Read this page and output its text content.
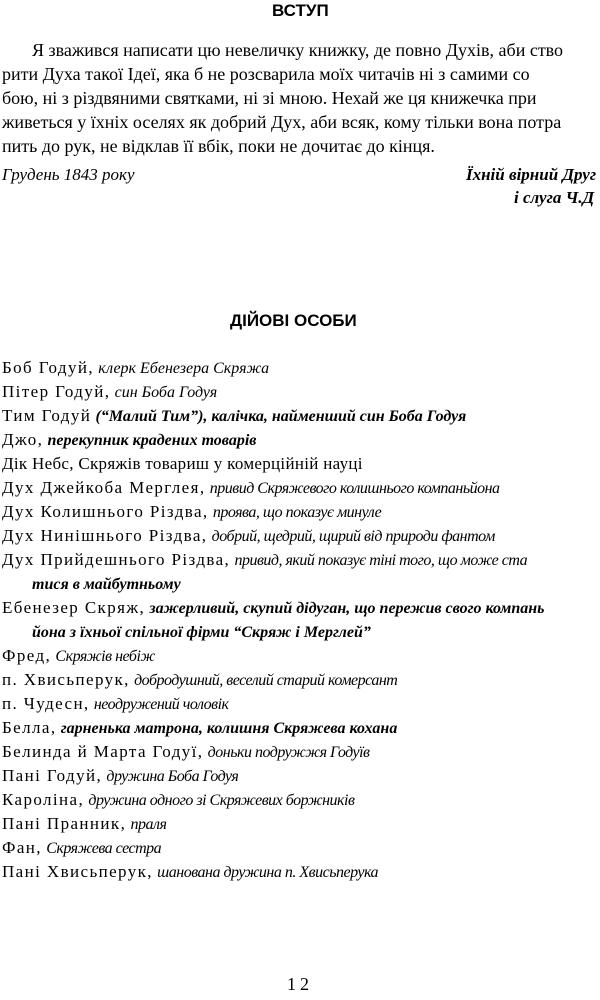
ВСТУП
Я зважився написати цю невеличку книжку, де повно Духів, аби ство
рити Духа такої Ідеї, яка б не розсварила моїх читачів ні з самими со
бою, ні з різдвяними святками, ні зі мною. Нехай же ця книжечка при
живеться у їхніх оселях як добрий Дух, аби всяк, кому тільки вона потра
пить до рук, не відклав її вбік, поки не дочитає до кінця.
Грудень 1843 року	Їхній вірний Друг
і слуга Ч.Д
ДІЙОВІ ОСОБИ
Боб Годуй, клерк Ебенезера Скряжа
Пітер Годуй, син Боба Годуя
Тим Годуй (“Малий Тим”), калічка, найменший син Боба Годуя
Джо, перекупник крадених товарів
Дік Небс, Скряжів товариш у комерційній науці
Дух Джейкоба Мерглея, привид Скряжевого колишнього компаньйона
Дух Колишнього Різдва, проява, що показує минуле
Дух Нинішнього Різдва, добрий, щедрий, щирий від природи фантом
Дух Прийдешнього Різдва, привид, який показує тіні того, що може ста
тися в майбутньому
Ебенезер Скряж, зажерливий, скупий дідуган, що пережив свого компань
йона з їхньої спільної фірми “Скряж і Мерглей”
Фред, Скряжів небіж
п. Хвисьперук, добродушний, веселий старий комерсант
п. Чудесн, неодружений чоловік
Белла, гарненька матрона, колишня Скряжева кохана
Белинда й Марта Годуї, доньки подружжя Годуїв
Пані Годуй, дружина Боба Годуя
Кароліна, дружина одного зі Скряжевих боржників
Пані Пранник, праля
Фан, Скряжева сестра
Пані Хвисьперук, шанована дружина п. Хвисьперука
12
